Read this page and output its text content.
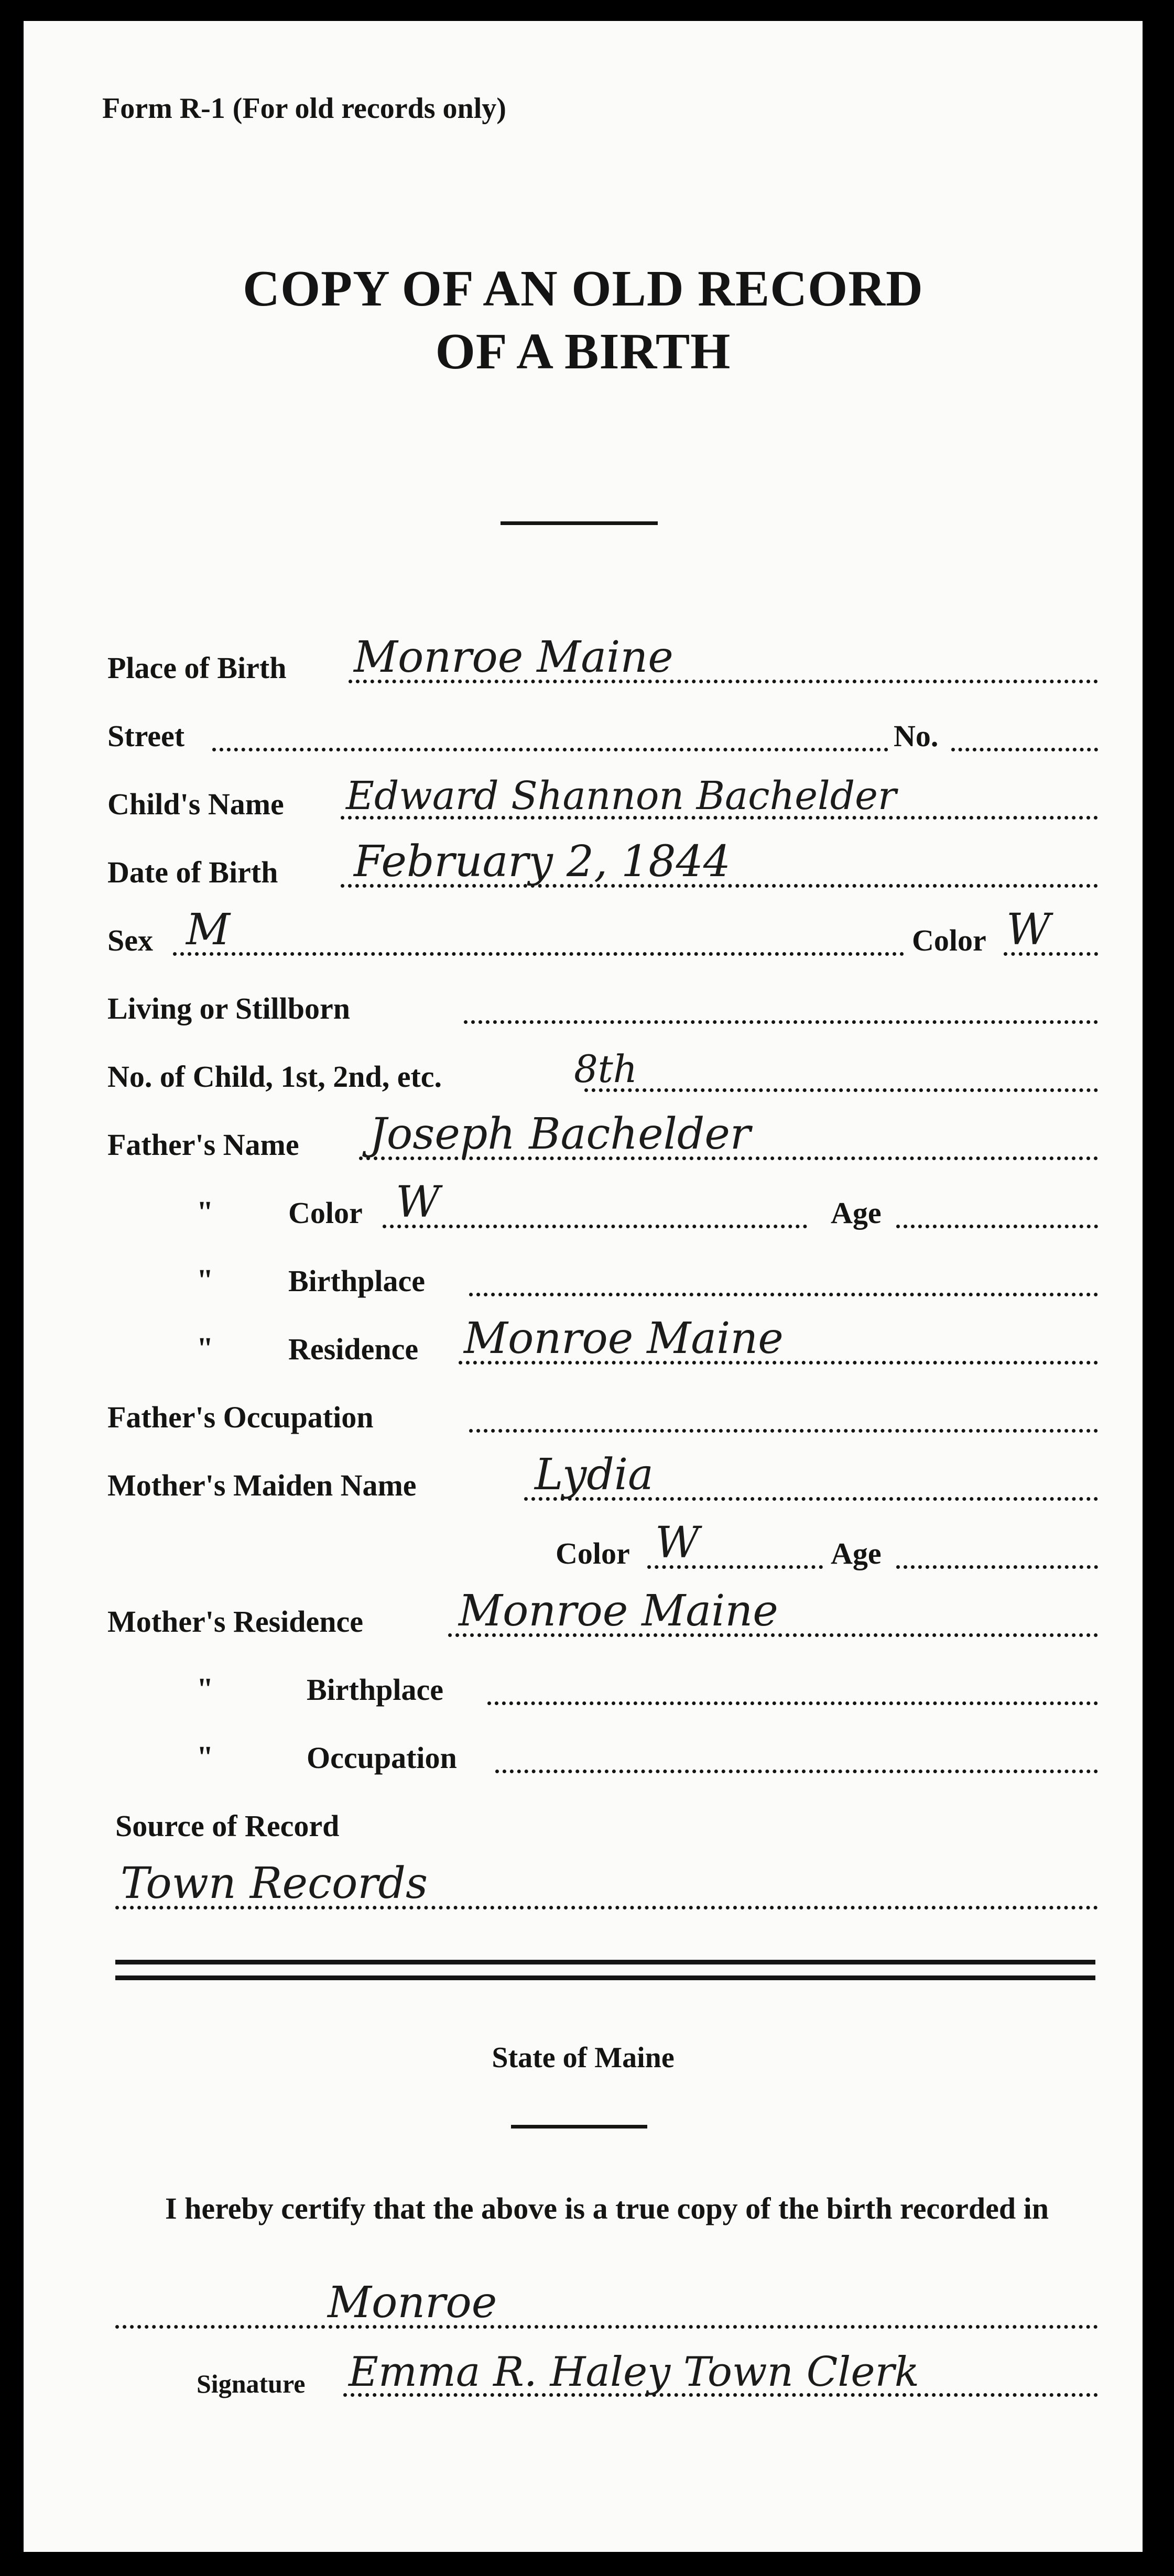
Form R-1 (For old records only)
COPY OF AN OLD RECORD
OF A BIRTH
Place of Birth Monroe Maine
Street	No.
Child's Name Edward Shannon Bachelder
Date of Birth February 2, 1844
Sex M	Color W
Living or Stillborn
No. of Child, 1st, 2nd, etc.	8th
Father's Name Joseph Bachelder
" Color W	Age
" Birthplace
" Residence Monroe Maine
Father's Occupation
Mother's Maiden Name	Lydia
Color W	Age
Mother's Residence Monroe Maine
"	Birthplace
"	Occupation
Source of Record
Town Records
State of Maine
I hereby certify that the above is a true copy of the birth recorded in
Monroe
Signature Emma R. Haley Town Clerk
